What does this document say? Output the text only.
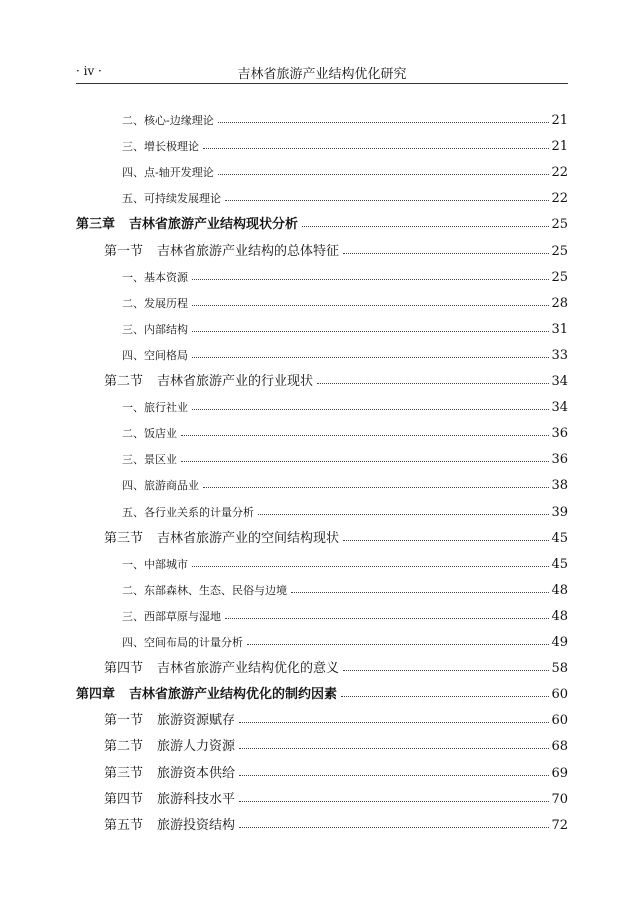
· iv ·	吉林省旅游产业结构优化研究
二、核心-边缘理论	21
三、增长极理论	21
四、点-轴开发理论	22
五、可持续发展理论	22
第三章 吉林省旅游产业结构现状分析	25
第一节 吉林省旅游产业结构的总体特征	25
一、基本资源	25
二、发展历程	28
三、内部结构	31
四、空间格局	33
第二节 吉林省旅游产业的行业现状	34
一、旅行社业	34
二、饭店业	36
三、景区业	36
四、旅游商品业	38
五、各行业关系的计量分析	39
第三节 吉林省旅游产业的空间结构现状	45
一、中部城市	45
二、东部森林、生态、民俗与边境	48
三、西部草原与湿地	48
四、空间布局的计量分析	49
第四节 吉林省旅游产业结构优化的意义	58
第四章 吉林省旅游产业结构优化的制约因素	60
第一节 旅游资源赋存	60
第二节 旅游人力资源	68
第三节 旅游资本供给	69
第四节 旅游科技水平	70
第五节 旅游投资结构	72
